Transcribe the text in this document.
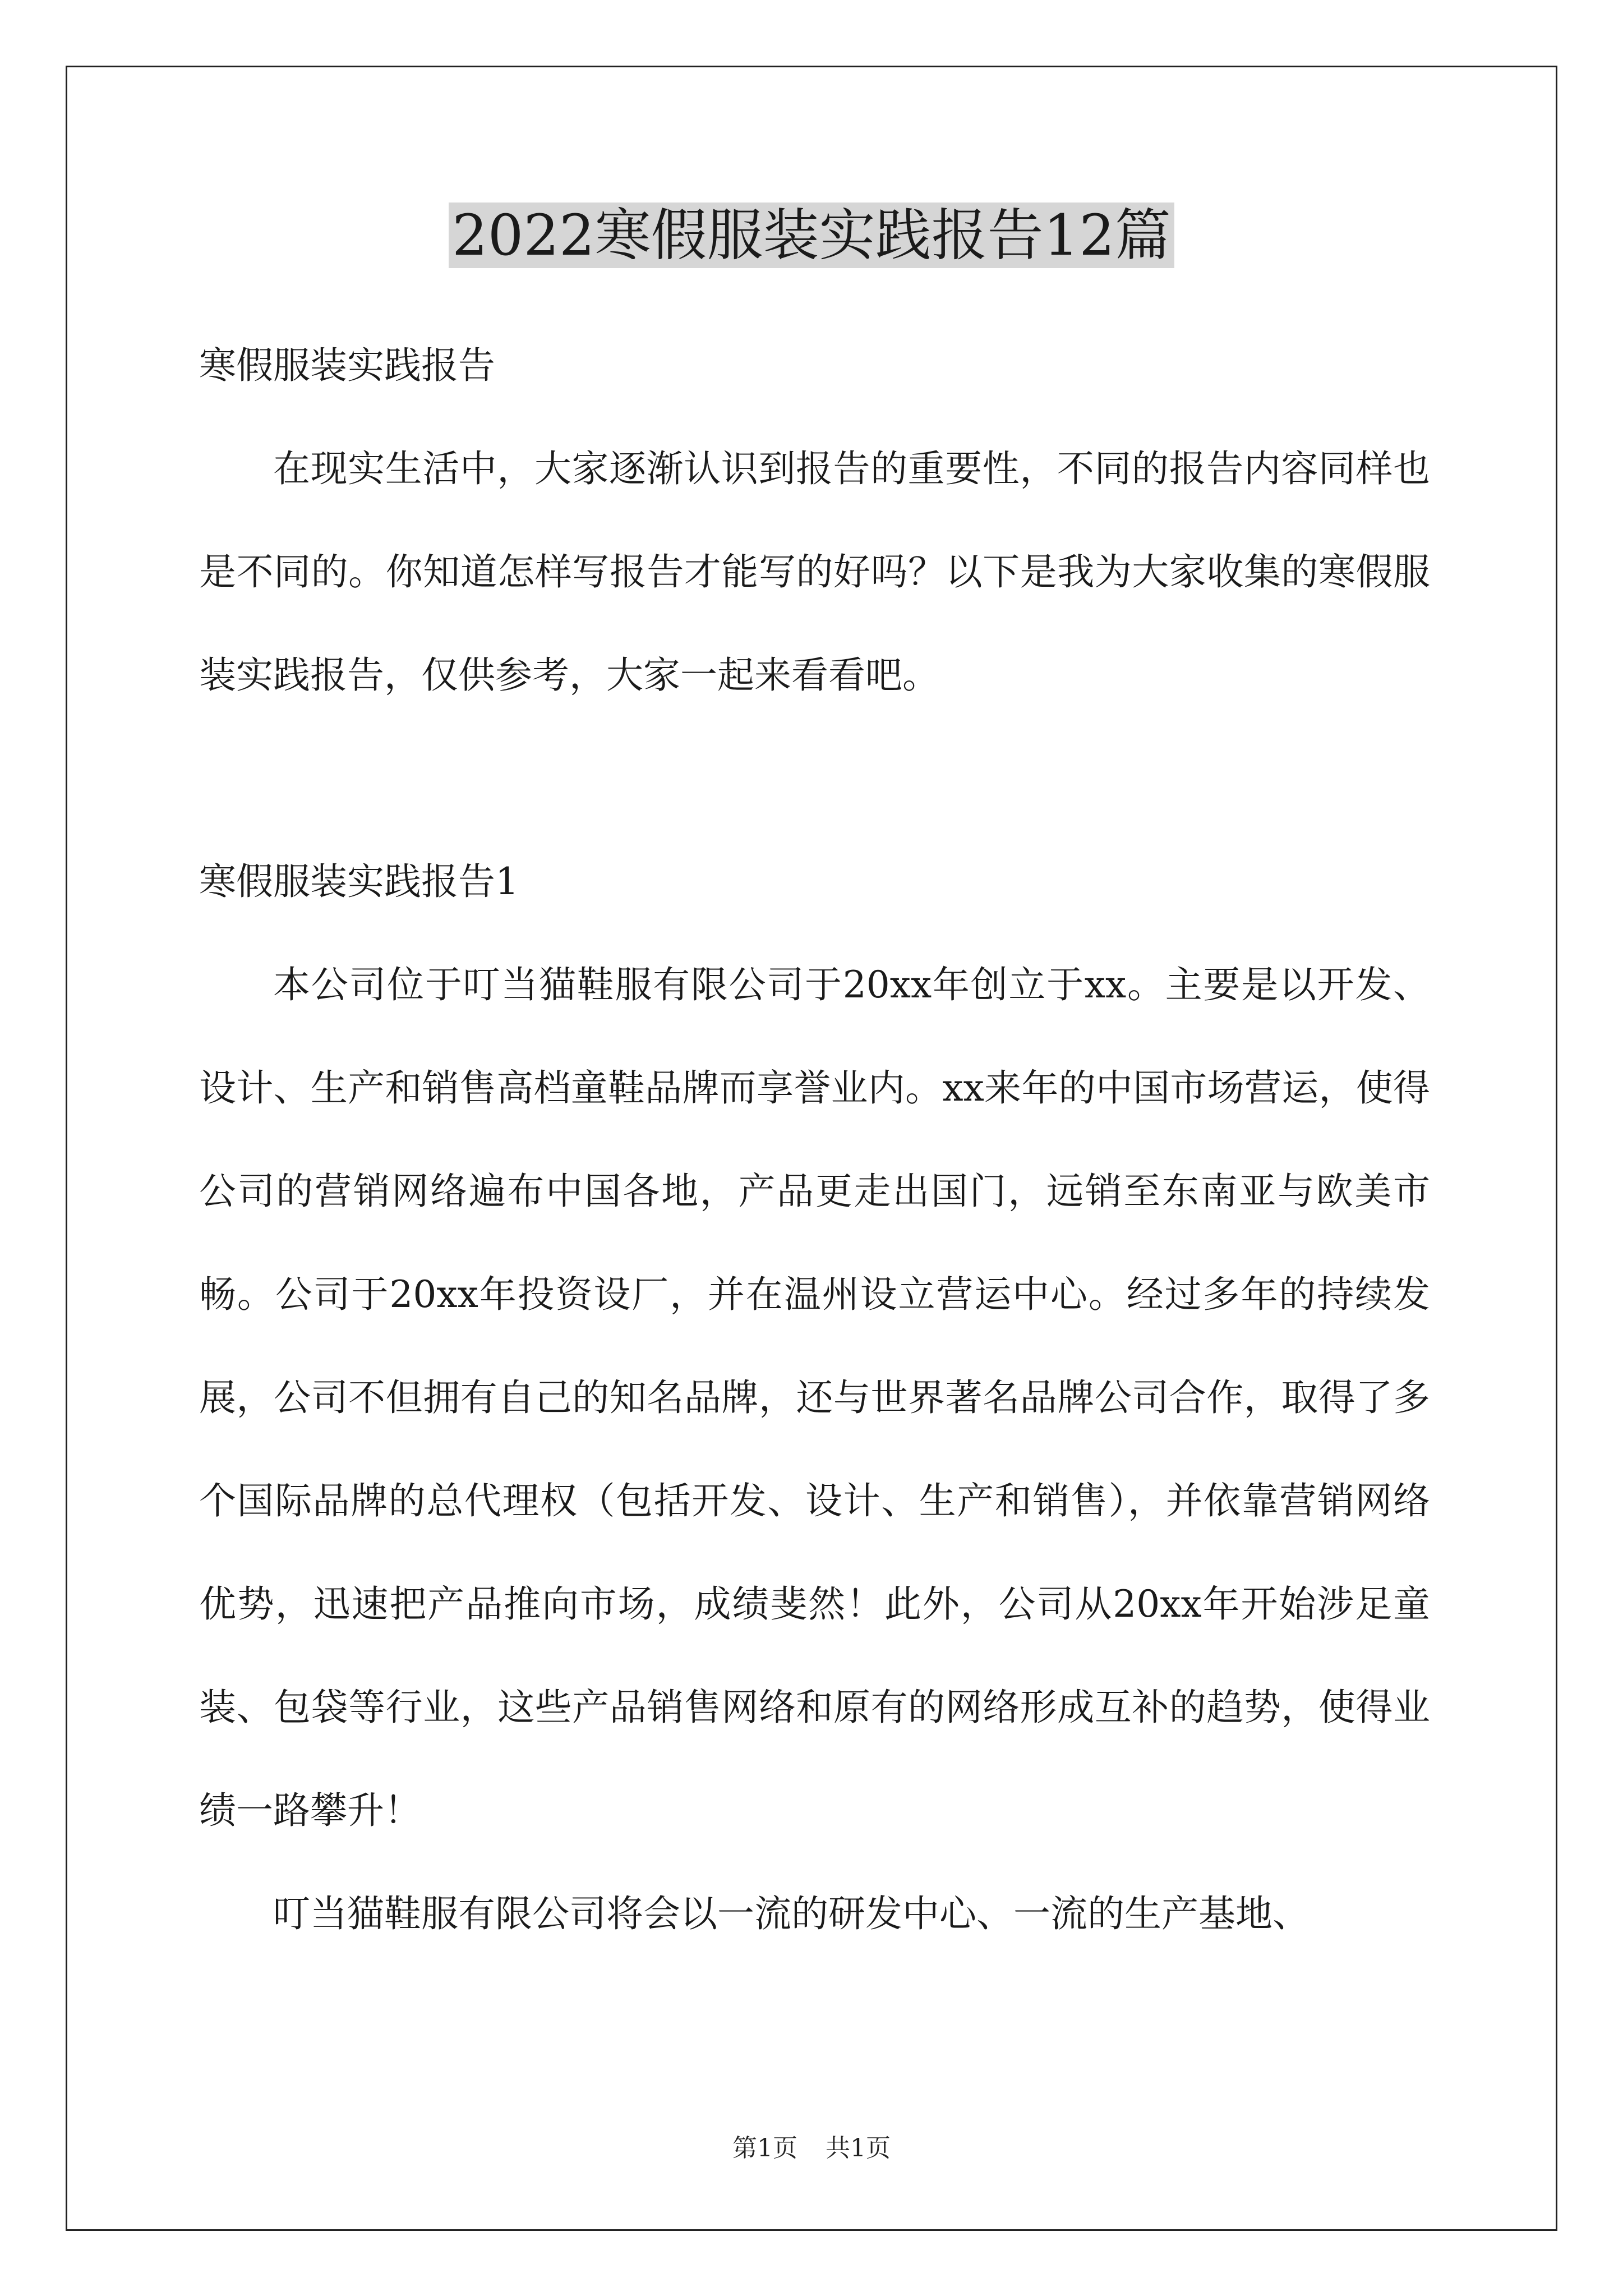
2022寒假服装实践报告12篇

寒假服装实践报告

在现实生活中，大家逐渐认识到报告的重要性，不同的报告内容同样也是不同的。你知道怎样写报告才能写的好吗？以下是我为大家收集的寒假服装实践报告，仅供参考，大家一起来看看吧。

寒假服装实践报告1

本公司位于叮当猫鞋服有限公司于20xx年创立于xx。主要是以开发、设计、生产和销售高档童鞋品牌而享誉业内。xx来年的中国市场营运，使得公司的营销网络遍布中国各地，产品更走出国门，远销至东南亚与欧美市畅。公司于20xx年投资设厂，并在温州设立营运中心。经过多年的持续发展，公司不但拥有自己的知名品牌，还与世界著名品牌公司合作，取得了多个国际品牌的总代理权（包括开发、设计、生产和销售），并依靠营销网络优势，迅速把产品推向市场，成绩斐然！此外，公司从20xx年开始涉足童装、包袋等行业，这些产品销售网络和原有的网络形成互补的趋势，使得业绩一路攀升！

叮当猫鞋服有限公司将会以一流的研发中心、一流的生产基地、

第1页 共1页
